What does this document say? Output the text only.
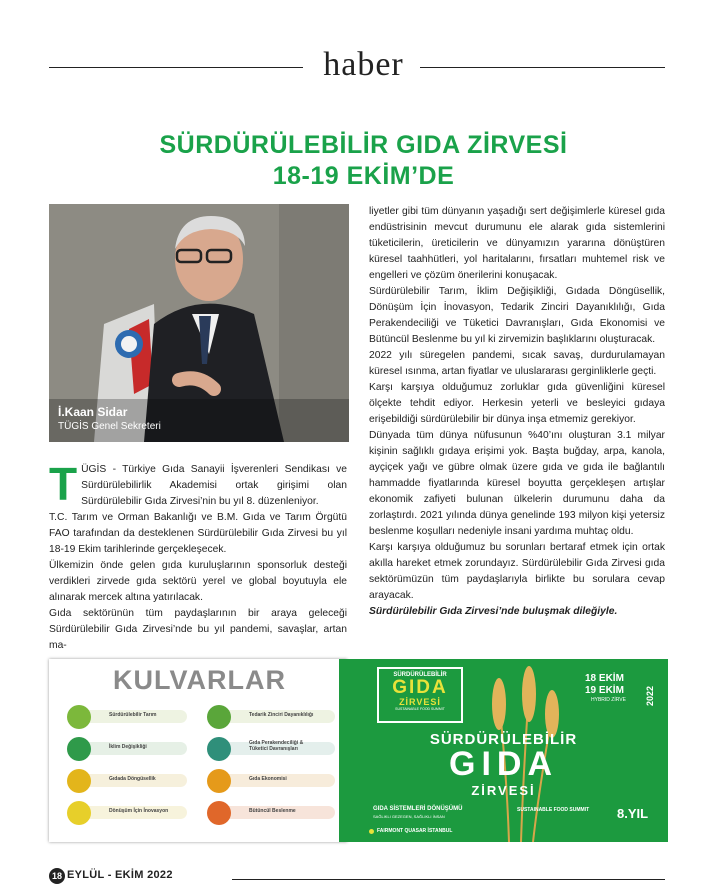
haber
SÜRDÜRÜLEBİLİR GIDA ZİRVESİ
18-19 EKİM’DE
İ.Kaan Sidar
TÜGİS Genel Sekreteri

TÜGİS - Türkiye Gıda Sanayii İşverenleri Sendikası ve Sürdürülebilirlik Akademisi ortak girişimi olan Sürdürülebilir Gıda Zirvesi’nin bu yıl 8. düzenleniyor.

T.C. Tarım ve Orman Bakanlığı ve B.M. Gıda ve Tarım Örgütü FAO tarafından da desteklenen Sürdürülebilir Gıda Zirvesi bu yıl 18-19 Ekim tarihlerinde gerçekleşecek.

Ülkemizin önde gelen gıda kuruluşlarının sponsorluk desteği verdikleri zirvede gıda sektörü yerel ve global boyutuyla ele alınarak mercek altına yatırılacak.

Gıda sektörünün tüm paydaşlarının bir araya geleceği Sürdürülebilir Gıda Zirvesi’nde bu yıl pandemi, savaşlar, artan ma-

liyetler gibi tüm dünyanın yaşadığı sert değişimlerle küresel gıda endüstrisinin mevcut durumunu ele alarak gıda sistemlerini tüketicilerin, üreticilerin ve dünyamızın yararına dönüştüren küresel taahhütleri, yol haritalarını, fırsatları muhtemel risk ve engelleri ve çözüm önerilerini konuşacak.

Sürdürülebilir Tarım, İklim Değişikliği, Gıdada Döngüsellik, Dönüşüm İçin İnovasyon, Tedarik Zinciri Dayanıklılığı, Gıda Perakendeciliği ve Tüketici Davranışları, Gıda Ekonomisi ve Bütüncül Beslenme bu yıl ki zirvemizin başlıklarını oluşturacak.

2022 yılı süregelen pandemi, sıcak savaş, durdurulamayan küresel ısınma, artan fiyatlar ve uluslararası gerginliklerle geçti.

Karşı karşıya olduğumuz zorluklar gıda güvenliğini küresel ölçekte tehdit ediyor. Herkesin yeterli ve besleyici gıdaya erişebildiği sürdürülebilir bir dünya inşa etmemiz gerekiyor.

Dünyada tüm dünya nüfusunun %40’ını oluşturan 3.1 milyar kişinin sağlıklı gıdaya erişimi yok. Başta buğday, arpa, kanola, ayçiçek yağı ve gübre olmak üzere gıda ve gıda ile bağlantılı hammadde fiyatlarında küresel boyutta gerçekleşen artışlar ekonomik zafiyeti bulunan ülkelerin durumunu daha da zorlaştırdı. 2021 yılında dünya genelinde 193 milyon kişi yetersiz beslenme koşulları nedeniyle insani yardıma muhtaç oldu.

Karşı karşıya olduğumuz bu sorunları bertaraf etmek için ortak akılla hareket etmek zorundayız. Sürdürülebilir Gıda Zirvesi gıda sektörümüzün tüm paydaşlarıyla birlikte bu sorulara cevap arayacak.

Sürdürülebilir Gıda Zirvesi’nde buluşmak dileğiyle.

KULVARLAR
Sürdürülebilir Tarım	Tedarik Zinciri Dayanıklılığı
İklim Değişikliği
Gıda Perakendeciliği & Tüketici Davranışları
Gıdada Döngüsellik	Gıda Ekonomisi
Dönüşüm İçin İnovasyon	Bütüncül Beslenme
SÜRDÜRÜLEBİLİR
GIDA
ZİRVESİ
SUSTAINABLE FOOD SUMMIT
18 EKİM
19 EKİM
HYBRID ZİRVE 2022
SÜRDÜRÜLEBİLİR
GIDA
ZİRVESİ
GIDA SİSTEMLERİ DÖNÜŞÜMÜ
SAĞLIKLI GEZEGEN, SAĞLIKLI İNSAN
SUSTAINABLE FOOD SUMMIT
FAIRMONT QUASAR İSTANBUL
8.YIL
18 EYLÜL - EKİM 2022
